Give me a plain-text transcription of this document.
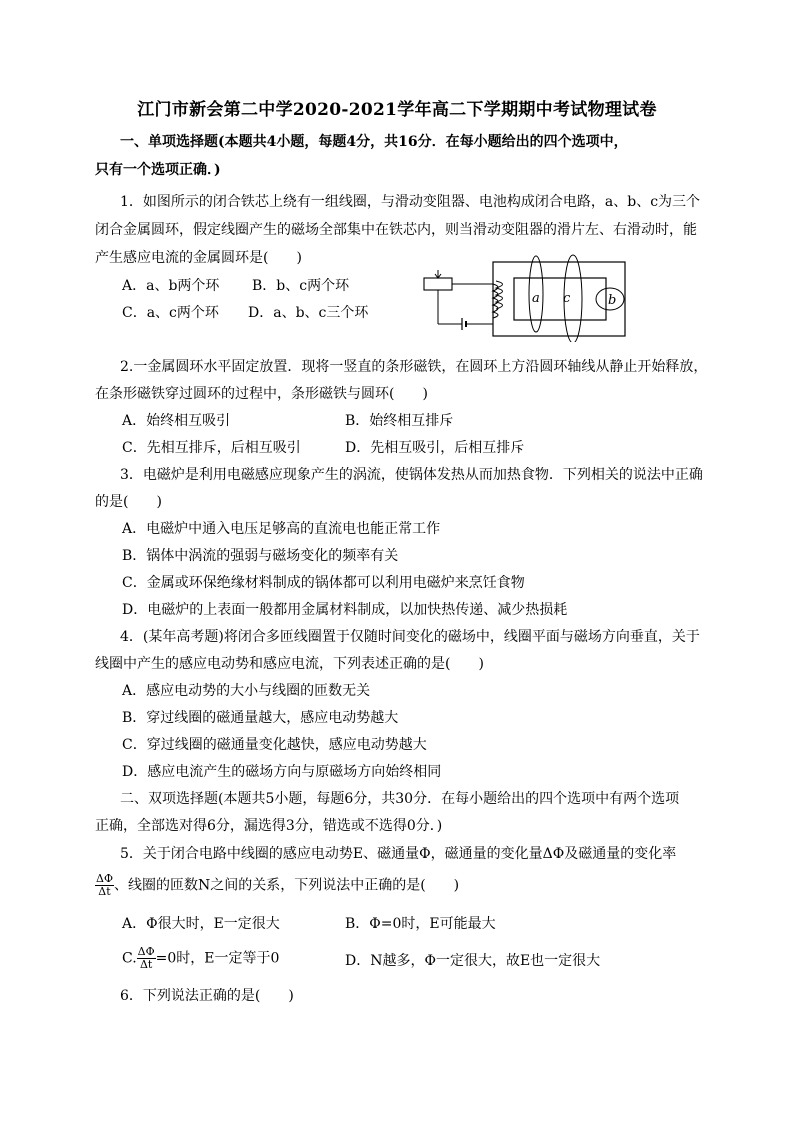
江门市新会第二中学2020-2021学年高二下学期期中考试物理试卷
一、单项选择题(本题共4小题，每题4分，共16分．在每小题给出的四个选项中，
只有一个选项正确．)
1．如图所示的闭合铁芯上绕有一组线圈，与滑动变阻器、电池构成闭合电路，a、b、c为三个
闭合金属圆环，假定线圈产生的磁场全部集中在铁芯内，则当滑动变阻器的滑片左、右滑动时，能
产生感应电流的金属圆环是(　　)
A．a、b两个环 B．b、c两个环
C．a、c两个环 D．a、b、c三个环
a c	b
2.一金属圆环水平固定放置．现将一竖直的条形磁铁，在圆环上方沿圆环轴线从静止开始释放，
在条形磁铁穿过圆环的过程中，条形磁铁与圆环(　　)
A．始终相互吸引	B．始终相互排斥
C．先相互排斥，后相互吸引	D．先相互吸引，后相互排斥
3．电磁炉是利用电磁感应现象产生的涡流，使锅体发热从而加热食物．下列相关的说法中正确
的是(　　)
A．电磁炉中通入电压足够高的直流电也能正常工作
B．锅体中涡流的强弱与磁场变化的频率有关
C．金属或环保绝缘材料制成的锅体都可以利用电磁炉来烹饪食物
D．电磁炉的上表面一般都用金属材料制成，以加快热传递、减少热损耗
4．(某年高考题)将闭合多匝线圈置于仅随时间变化的磁场中，线圈平面与磁场方向垂直，关于
线圈中产生的感应电动势和感应电流，下列表述正确的是(　　)
A．感应电动势的大小与线圈的匝数无关
B．穿过线圈的磁通量越大，感应电动势越大
C．穿过线圈的磁通量变化越快，感应电动势越大
D．感应电流产生的磁场方向与原磁场方向始终相同
二、双项选择题(本题共5小题，每题6分，共30分．在每小题给出的四个选项中有两个选项
正确，全部选对得6分，漏选得3分，错选或不选得0分．)
5．关于闭合电路中线圈的感应电动势E、磁通量Φ，磁通量的变化量ΔΦ及磁通量的变化率
$\frac{\Delta\Phi}{\Delta t}$ 、线圈的匝数N之间的关系，下列说法中正确的是(　　)
A．Φ很大时，E一定很大	B．Φ=0时，E可能最大
C. $\frac{\Delta\Phi}{\Delta t} =0$时，E一定等于0	D．N越多，Φ一定很大，故E也一定很大
6．下列说法正确的是(　　)
